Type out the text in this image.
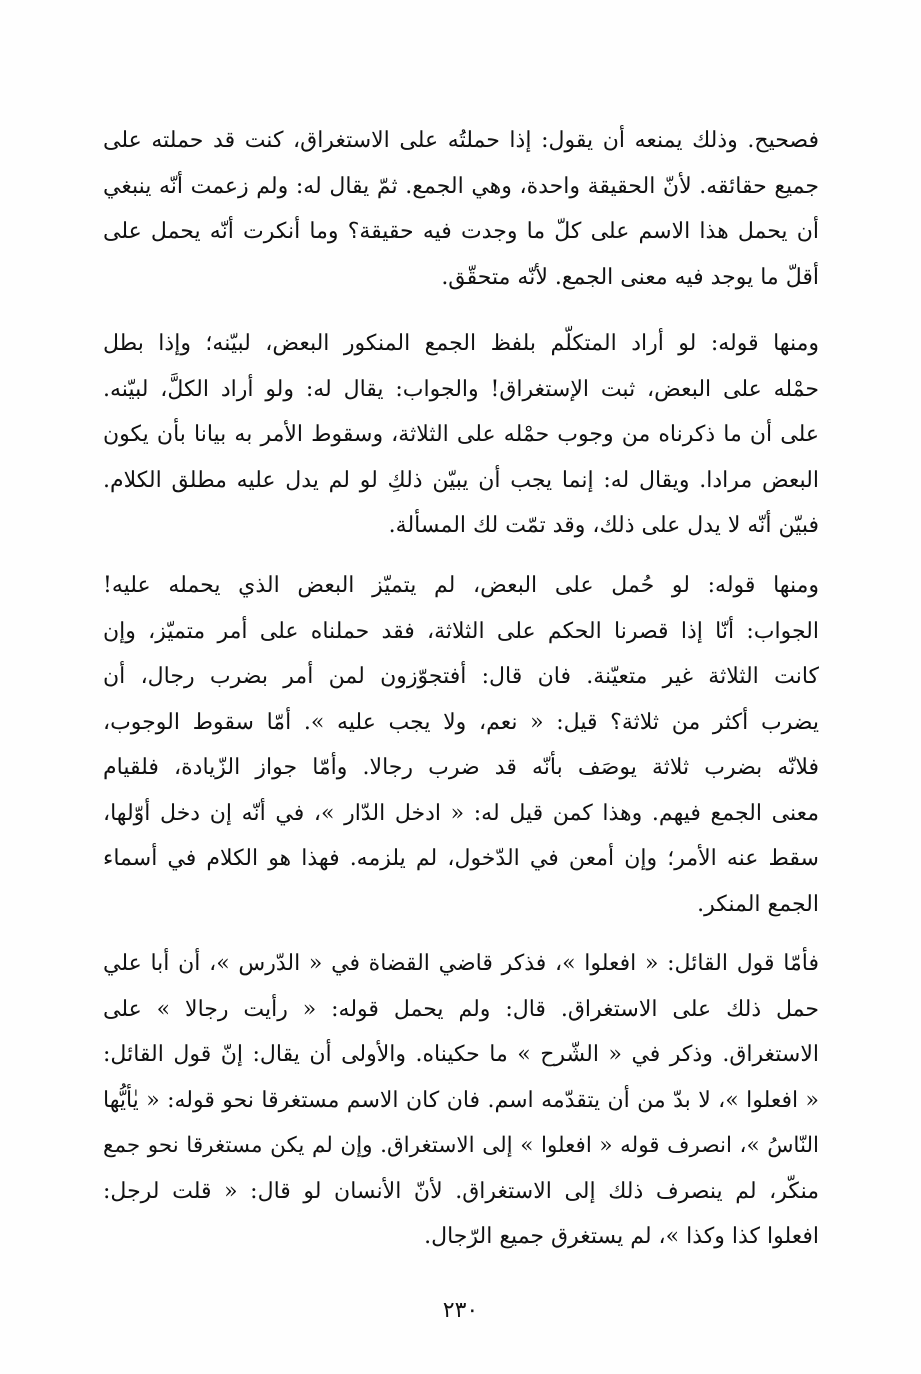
فصحيح. وذلك يمنعه أن يقول: إذا حملتُه على الاستغراق، كنت قد حملته على
جميع حقائقه. لأنّ الحقيقة واحدة، وهي الجمع. ثمّ يقال له: ولم زعمت أنّه ينبغي
أن يحمل هذا الاسم على كلّ ما وجدت فيه حقيقة؟ وما أنكرت أنّه يحمل على
أقلّ ما يوجد فيه معنى الجمع. لأنّه متحقّق.

ومنها قوله: لو أراد المتكلّم بلفظ الجمع المنكور البعض، لبيّنه؛ وإذا بطل
حمْله على البعض، ثبت الإستغراق! والجواب: يقال له: ولو أراد الكلَّ، لبيّنه.
على أن ما ذكرناه من وجوب حمْله على الثلاثة، وسقوط الأمر به بيانا بأن يكون
البعض مرادا. ويقال له: إنما يجب أن يبيّن ذلكِ لو لم يدل عليه مطلق الكلام.
فبيّن أنّه لا يدل على ذلك، وقد تمّت لك المسألة.

ومنها قوله: لو حُمل على البعض، لم يتميّز البعض الذي يحمله عليه!
الجواب: أنّا إذا قصرنا الحكم على الثلاثة، فقد حملناه على أمر متميّز، وإن
كانت الثلاثة غير متعيّنة. فان قال: أفتجوّزون لمن أمر بضرب رجال، أن
يضرب أكثر من ثلاثة؟ قيل: « نعم، ولا يجب عليه ». أمّا سقوط الوجوب،
فلانّه بضرب ثلاثة يوصَف بأنّه قد ضرب رجالا. وأمّا جواز الزّيادة، فلقيام
معنى الجمع فيهم. وهذا كمن قيل له: « ادخل الدّار »، في أنّه إن دخل أوّلها،
سقط عنه الأمر؛ وإن أمعن في الدّخول، لم يلزمه. فهذا هو الكلام في أسماء
الجمع المنكر.

فأمّا قول القائل: « افعلوا »، فذكر قاضي القضاة في « الدّرس »، أن أبا علي
حمل ذلك على الاستغراق. قال: ولم يحمل قوله: « رأيت رجالا » على
الاستغراق. وذكر في « الشّرح » ما حكيناه. والأولى أن يقال: إنّ قول القائل:
« افعلوا »، لا بدّ من أن يتقدّمه اسم. فان كان الاسم مستغرقا نحو قوله: « يٰأيُّها
النّاسُ »، انصرف قوله « افعلوا » إلى الاستغراق. وإن لم يكن مستغرقا نحو جمع
منكّر، لم ينصرف ذلك إلى الاستغراق. لأنّ الأنسان لو قال: « قلت لرجل:
افعلوا كذا وكذا »، لم يستغرق جميع الرّجال.

٢٣٠
